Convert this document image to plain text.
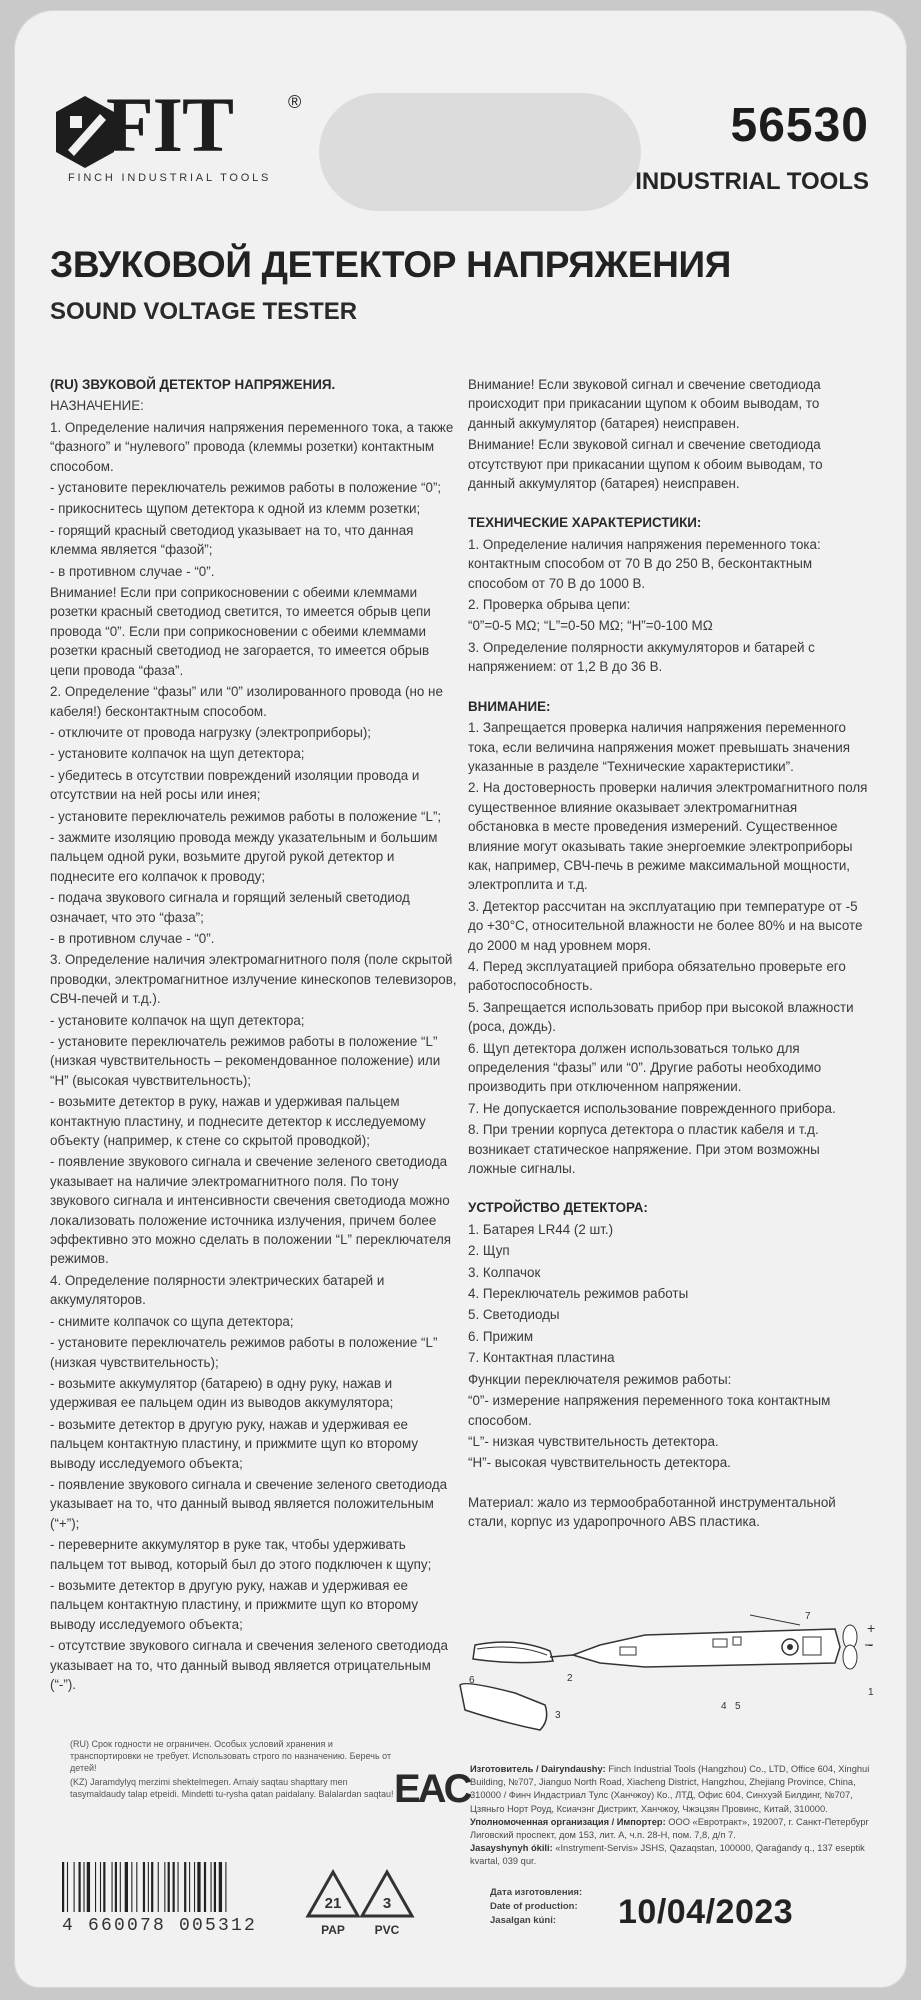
FIT	®
FINCH INDUSTRIAL TOOLS
56530
INDUSTRIAL TOOLS
ЗВУКОВОЙ ДЕТЕКТОР НАПРЯЖЕНИЯ
SOUND VOLTAGE TESTER

(RU) ЗВУКОВОЙ ДЕТЕКТОР НАПРЯЖЕНИЯ.

НАЗНАЧЕНИЕ:

1. Определение наличия напряжения переменного тока, а также “фазного” и “нулевого” провода (клеммы розетки) контактным способом.

- установите переключатель режимов работы в положение “0”;

- прикоснитесь щупом детектора к одной из клемм розетки;

- горящий красный светодиод указывает на то, что данная клемма является “фазой”;

- в противном случае - “0”.

Внимание! Если при соприкосновении с обеими клеммами розетки красный светодиод светится, то имеется обрыв цепи провода “0”. Если при соприкосновении с обеими клеммами розетки красный светодиод не загорается, то имеется обрыв цепи провода “фаза”.

2. Определение “фазы” или “0” изолированного провода (но не кабеля!) бесконтактным способом.

- отключите от провода нагрузку (электроприборы);

- установите колпачок на щуп детектора;

- убедитесь в отсутствии повреждений изоляции провода и отсутствии на ней росы или инея;

- установите переключатель режимов работы в положение “L”;

- зажмите изоляцию провода между указательным и большим пальцем одной руки, возьмите другой рукой детектор и поднесите его колпачок к проводу;

- подача звукового сигнала и горящий зеленый светодиод означает, что это “фаза”;

- в противном случае - “0”.

3. Определение наличия электромагнитного поля (поле скрытой проводки, электромагнитное излучение кинескопов телевизоров, СВЧ-печей и т.д.).

- установите колпачок на щуп детектора;

- установите переключатель режимов работы в положение “L” (низкая чувствительность – рекомендованное положение) или “H” (высокая чувствительность);

- возьмите детектор в руку, нажав и удерживая пальцем контактную пластину, и поднесите детектор к исследуемому объекту (например, к стене со скрытой проводкой);

- появление звукового сигнала и свечение зеленого светодиода указывает на наличие электромагнитного поля. По тону звукового сигнала и интенсивности свечения светодиода можно локализовать положение источника излучения, причем более эффективно это можно сделать в положении “L” переключателя режимов.

4. Определение полярности электрических батарей и аккумуляторов.

- снимите колпачок со щупа детектора;

- установите переключатель режимов работы в положение “L” (низкая чувствительность);

- возьмите аккумулятор (батарею) в одну руку, нажав и удерживая ее пальцем один из выводов аккумулятора;

- возьмите детектор в другую руку, нажав и удерживая ее пальцем контактную пластину, и прижмите щуп ко второму выводу исследуемого объекта;

- появление звукового сигнала и свечение зеленого светодиода указывает на то, что данный вывод является положительным (“+”);

- переверните аккумулятор в руке так, чтобы удерживать пальцем тот вывод, который был до этого подключен к щупу;

- возьмите детектор в другую руку, нажав и удерживая ее пальцем контактную пластину, и прижмите щуп ко второму выводу исследуемого объекта;

- отсутствие звукового сигнала и свечения зеленого светодиода указывает на то, что данный вывод является отрицательным (“-”).

Внимание! Если звуковой сигнал и свечение светодиода происходит при прикасании щупом к обоим выводам, то данный аккумулятор (батарея) неисправен.

Внимание! Если звуковой сигнал и свечение светодиода отсутствуют при прикасании щупом к обоим выводам, то данный аккумулятор (батарея) неисправен.

ТЕХНИЧЕСКИЕ ХАРАКТЕРИСТИКИ:

1. Определение наличия напряжения переменного тока: контактным способом от 70 В до 250 В, бесконтактным способом от 70 В до 1000 В.

2. Проверка обрыва цепи:

“0”=0-5 MΩ; “L”=0-50 MΩ; “H”=0-100 MΩ

3. Определение полярности аккумуляторов и батарей с напряжением: от 1,2 В до 36 В.

ВНИМАНИЕ:

1. Запрещается проверка наличия напряжения переменного тока, если величина напряжения может превышать значения указанные в разделе “Технические характеристики”.

2. На достоверность проверки наличия электромагнитного поля существенное влияние оказывает электромагнитная обстановка в месте проведения измерений. Существенное влияние могут оказывать такие энергоемкие электроприборы как, например, СВЧ-печь в режиме максимальной мощности, электроплита и т.д.

3. Детектор рассчитан на эксплуатацию при температуре от -5 до +30°С, относительной влажности не более 80% и на высоте до 2000 м над уровнем моря.

4. Перед эксплуатацией прибора обязательно проверьте его работоспособность.

5. Запрещается использовать прибор при высокой влажности (роса, дождь).

6. Щуп детектора должен использоваться только для определения “фазы” или “0”. Другие работы необходимо производить при отключенном напряжении.

7. Не допускается использование поврежденного прибора.

8. При трении корпуса детектора о пластик кабеля и т.д. возникает статическое напряжение. При этом возможны ложные сигналы.

УСТРОЙСТВО ДЕТЕКТОРА:

1. Батарея LR44 (2 шт.)

2. Щуп

3. Колпачок

4. Переключатель режимов работы

5. Светодиоды

6. Прижим

7. Контактная пластина

Функции переключателя режимов работы:

“0”- измерение напряжения переменного тока контактным способом.

“L”- низкая чувствительность детектора.

“H”- высокая чувствительность детектора.

Материал: жало из термообработанной инструментальной стали, корпус из ударопрочного ABS пластика.

6
3
2
4 5
7
1
+
-

(RU) Срок годности не ограничен. Особых условий хранения и транспортировки не требует. Использовать строго по назначению. Беречь от детей!

(KZ) Jaramdylyq merzimi shektelmegen. Arnaiy saqtau shарttary men tasymaldaudy talap etpeidi. Mindetti tu-ryshа qatan paidalany. Balalardan saqtau! EAC Изготовитель / Dairyndaushy: Finch Industrial Tools (Hangzhou) Co., LTD, Office 604, Xinghui Building, №707, Jianguo North Road, Xiacheng District, Hangzhou, Zhejiang Province, China, 310000 / Финч Индастриал Тулс (Ханчжоу) Ко., ЛТД, Офис 604, Синхуэй Билдинг, №707, Цзяньго Норт Роуд, Ксиачэнг Дистрикт, Ханчжоу, Чжэцзян Провинс, Китай, 310000.

Уполномоченная организация / Импортер: ООО «Евротракт», 192007, г. Санкт-Петербург Лиговский проспект, дом 153, лит. А, ч.п. 28-Н, пом. 7,8, д/п 7.

Jasayshynyh ókili: «Instryment-Servis» JSHS, Qazaqstan, 100000, Qaraǵandy q., 137 eseptik kvartal, 039 qur.

4 660078 005312
21
PAP
3
PVC
Дата изготовления:
Date of production:
Jasalgan kúni:	10/04/2023
